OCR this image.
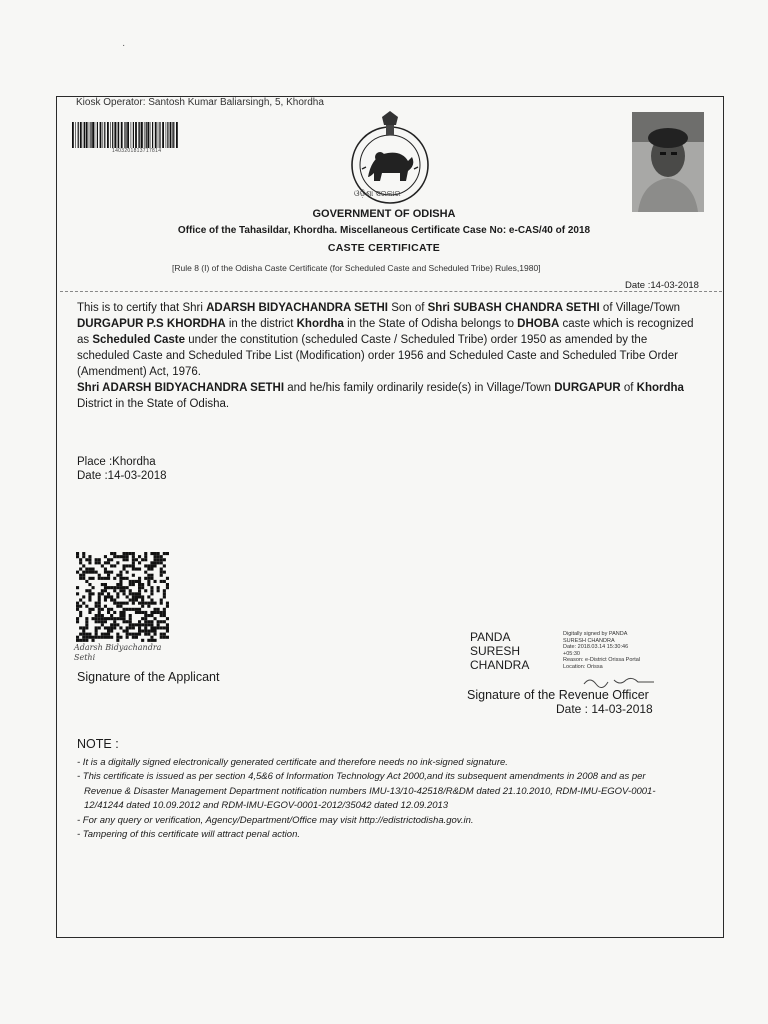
·
Kiosk Operator: Santosh Kumar Baliarsingh, 5, Khordha
1403201813717814
ଓଡ଼ିଶା ସରକାର
GOVERNMENT OF ODISHA
Office of the Tahasildar, Khordha. Miscellaneous Certificate Case No: e-CAS/40 of 2018
CASTE CERTIFICATE
[Rule 8 (I) of the Odisha Caste Certificate (for Scheduled Caste and Scheduled Tribe) Rules,1980]
Date :14-03-2018

This is to certify that Shri ADARSH BIDYACHANDRA SETHI Son of Shri SUBASH CHANDRA SETHI of Village/Town DURGAPUR P.S KHORDHA in the district Khordha in the State of Odisha belongs to DHOBA caste which is recognized as Scheduled Caste under the constitution (scheduled Caste / Scheduled Tribe) order 1950 as amended by the scheduled Caste and Scheduled Tribe List (Modification) order 1956 and Scheduled Caste and Scheduled Tribe Order (Amendment) Act, 1976.

Shri ADARSH BIDYACHANDRA SETHI and he/his family ordinarily reside(s) in Village/Town DURGAPUR of Khordha District in the State of Odisha.

Place :Khordha
Date :14-03-2018
Adarsh Bidyachandra Sethi
Signature of the Applicant
PANDA
SURESH
CHANDRA
Digitally signed by PANDA
SURESH CHANDRA
Date: 2018.03.14 15:30:46
+05:30
Reason: e-District Orissa Portal
Location: Orissa
Signature of the Revenue Officer
Date : 14-03-2018
NOTE :
- It is a digitally signed electronically generated certificate and therefore needs no ink-signed signature.
- This certificate is issued as per section 4,5&6 of Information Technology Act 2000,and its subsequent amendments in 2008 and as per Revenue & Disaster Management Department notification numbers IMU-13/10-42518/R&DM dated 21.10.2010, RDM-IMU-EGOV-0001-12/41244 dated 10.09.2012 and RDM-IMU-EGOV-0001-2012/35042 dated 12.09.2013
- For any query or verification, Agency/Department/Office may visit http://edistrictodisha.gov.in.
- Tampering of this certificate will attract penal action.
